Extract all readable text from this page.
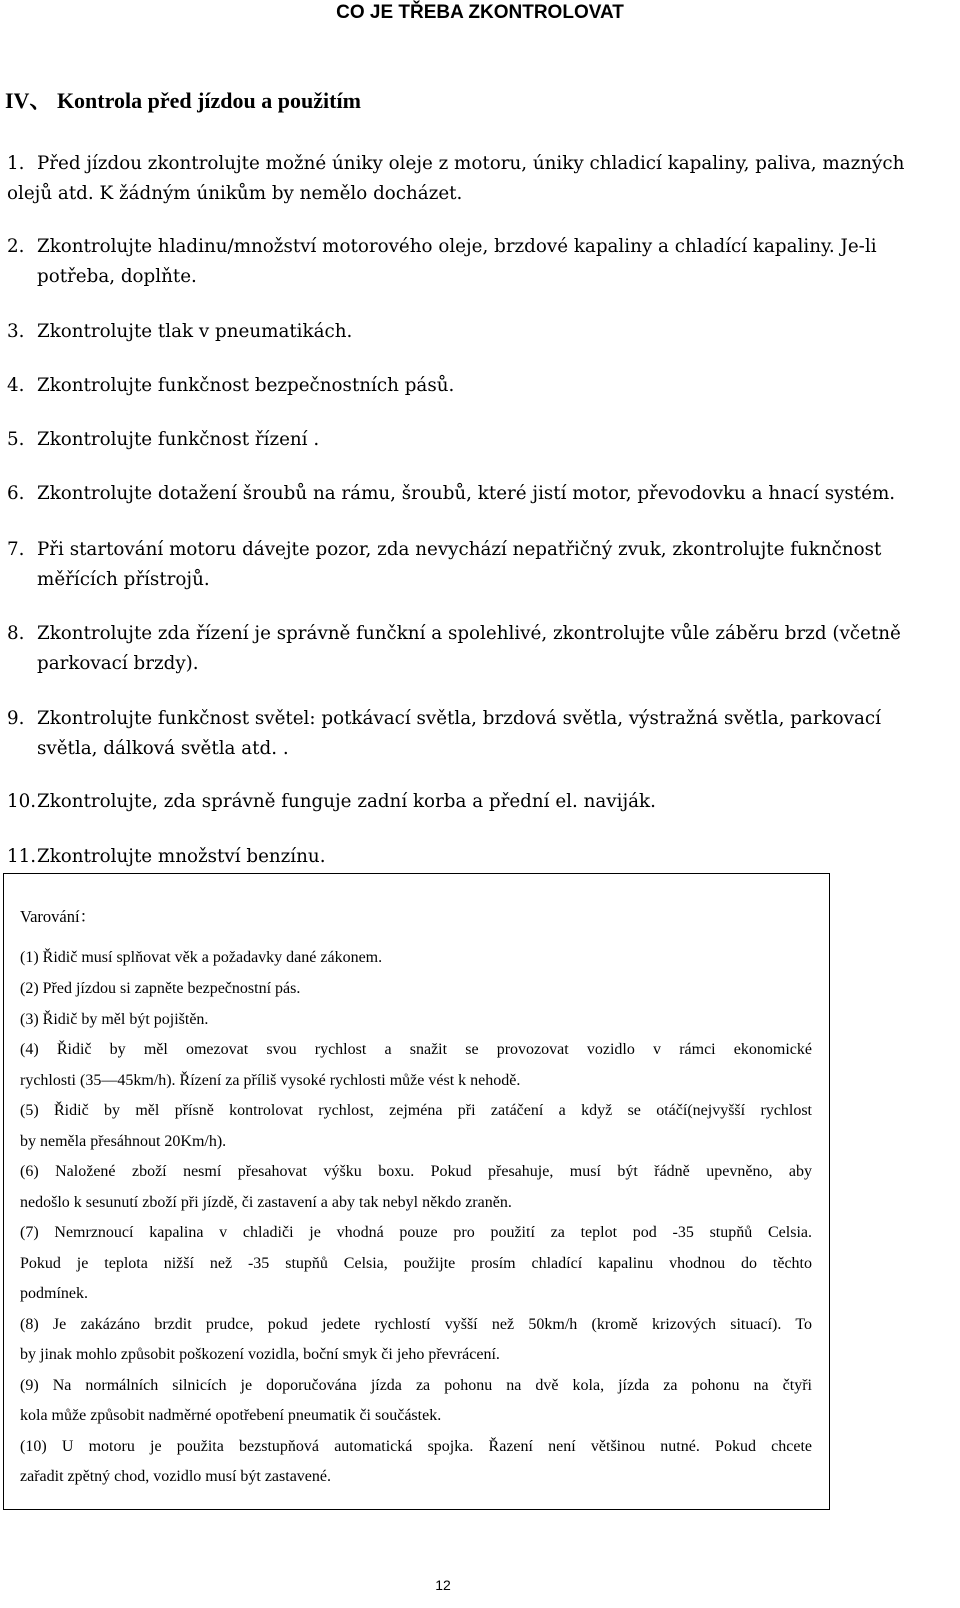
CO JE TŘEBA ZKONTROLOVAT
IV、 Kontrola před jízdou a použitím
1. Před jízdou zkontrolujte možné úniky oleje z motoru, úniky chladicí kapaliny, paliva, mazných
olejů atd. K žádným únikům by nemělo docházet.
2. Zkontrolujte hladinu/množství motorového oleje, brzdové kapaliny a chladící kapaliny. Je-li
potřeba, doplňte.
3. Zkontrolujte tlak v pneumatikách.
4. Zkontrolujte funkčnost bezpečnostních pásů.
5. Zkontrolujte funkčnost řízení .
6. Zkontrolujte dotažení šroubů na rámu, šroubů, které jistí motor, převodovku a hnací systém.
7. Při startování motoru dávejte pozor, zda nevychází nepatřičný zvuk, zkontrolujte fuknčnost
měřících přístrojů.
8. Zkontrolujte zda řízení je správně funčkní a spolehlivé, zkontrolujte vůle záběru brzd (včetně
parkovací brzdy).
9. Zkontrolujte funkčnost světel: potkávací světla, brzdová světla, výstražná světla, parkovací
světla, dálková světla atd. .
10. Zkontrolujte, zda správně funguje zadní korba a přední el. naviják.
11. Zkontrolujte množství benzínu.
Varování：
(1) Řidič musí splňovat věk a požadavky dané zákonem.
(2) Před jízdou si zapněte bezpečnostní pás.
(3) Řidič by měl být pojištěn.
(4) Řidič by měl omezovat svou rychlost a snažit se provozovat vozidlo v rámci ekonomické
rychlosti (35—45km/h). Řízení za příliš vysoké rychlosti může vést k nehodě.
(5) Řidič by měl přísně kontrolovat rychlost, zejména při zatáčení a když se otáčí(nejvyšší rychlost
by neměla přesáhnout 20Km/h).
(6) Naložené zboží nesmí přesahovat výšku boxu. Pokud přesahuje, musí být řádně upevněno, aby
nedošlo k sesunutí zboží při jízdě, či zastavení a aby tak nebyl někdo zraněn.
(7) Nemrznoucí kapalina v chladiči je vhodná pouze pro použití za teplot pod -35 stupňů Celsia.
Pokud je teplota nižší než -35 stupňů Celsia, použijte prosím chladící kapalinu vhodnou do těchto
podmínek.
(8) Je zakázáno brzdit prudce, pokud jedete rychlostí vyšší než 50km/h (kromě krizových situací). To
by jinak mohlo způsobit poškození vozidla, boční smyk či jeho převrácení.
(9) Na normálních silnicích je doporučována jízda za pohonu na dvě kola, jízda za pohonu na čtyři
kola může způsobit nadměrné opotřebení pneumatik či součástek.
(10) U motoru je použita bezstupňová automatická spojka. Řazení není většinou nutné. Pokud chcete
zařadit zpětný chod, vozidlo musí být zastavené.
12
